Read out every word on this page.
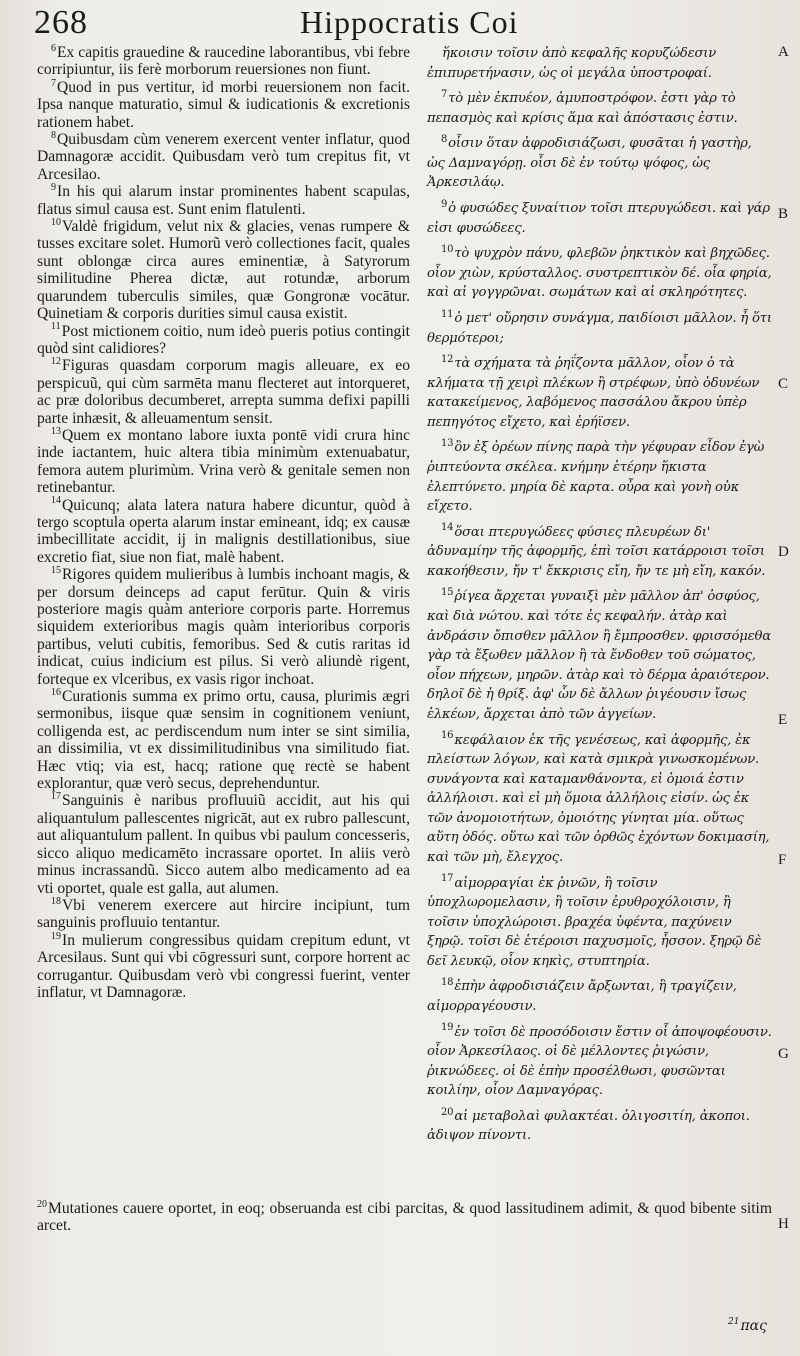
268	Hippocratis Coi

$^6$Ex capitis grauedine & raucedine laborantibus, vbi febre corripiuntur, iis ferè morborum reuersiones non fiunt.

$^7$Quod in pus vertitur, id morbi reuersionem non facit. Ipsa nanque maturatio, simul & iudicationis & excretionis rationem habet.

$^8$Quibusdam cùm venerem exercent venter inflatur, quod Damnagoræ accidit. Quibusdam verò tum crepitus fit, vt Arcesilao.

$^9$In his qui alarum instar prominentes habent scapulas, flatus simul causa est. Sunt enim flatulenti.

$^{10}$Valdè frigidum, velut nix & glacies, venas rumpere & tusses excitare solet. Humorũ verò collectiones facit, quales sunt oblongæ circa aures eminentiæ, à Satyrorum similitudine Pherea dictæ, aut rotundæ, arborum quarundem tuberculis similes, quæ Gongronæ vocātur. Quinetiam & corporis durities simul causa existit.

$^{11}$Post mictionem coitio, num ideò pueris potius contingit quòd sint calidiores?

$^{12}$Figuras quasdam corporum magis alleuare, ex eo perspicuũ, qui cùm sarmēta manu flecteret aut intorqueret, ac præ doloribus decumberet, arrepta summa defixi papilli parte inhæsit, & alleuamentum sensit.

$^{13}$Quem ex montano labore iuxta pontē vidi crura hinc inde iactantem, huic altera tibia minimùm extenuabatur, femora autem plurimùm. Vrina verò & genitale semen non retinebantur.

$^{14}$Quicunq; alata latera natura habere dicuntur, quòd à tergo scoptula operta alarum instar emineant, idq; ex causæ imbecillitate accidit, ij in malignis destillationibus, siue excretio fiat, siue non fiat, malè habent.

$^{15}$Rigores quidem mulieribus à lumbis inchoant magis, & per dorsum deinceps ad caput ferūtur. Quin & viris posteriore magis quàm anteriore corporis parte. Horremus siquidem exterioribus magis quàm interioribus corporis partibus, veluti cubitis, femoribus. Sed & cutis raritas id indicat, cuius indicium est pilus. Si verò aliundè rigent, forteque ex vlceribus, ex vasis rigor inchoat.

$^{16}$Curationis summa ex primo ortu, causa, plurimis ægri sermonibus, iisque quæ sensim in cognitionem veniunt, colligenda est, ac perdiscendum num inter se sint similia, an dissimilia, vt ex dissimilitudinibus vna similitudo fiat. Hæc vtiq; via est, hacq; ratione quę rectè se habent explorantur, quæ verò secus, deprehenduntur.

$^{17}$Sanguinis è naribus profluuiũ accidit, aut his qui aliquantulum pallescentes nigricāt, aut ex rubro pallescunt, aut aliquantulum pallent. In quibus vbi paulum concesseris, sicco aliquo medicamēto incrassare oportet. In aliis verò minus incrassandũ. Sicco autem albo medicamento ad ea vti oportet, quale est galla, aut alumen.

$^{18}$Vbi venerem exercere aut hircire incipiunt, tum sanguinis profluuio tentantur.

$^{19}$In mulierum congressibus quidam crepitum edunt, vt Arcesilaus. Sunt qui vbi cōgressuri sunt, corpore horrent ac corrugantur. Quibusdam verò vbi congressi fuerint, venter inflatur, vt Damnagoræ.

ἥκοισιν τοῖσιν ἀπὸ κεφαλῆς κορυζώδεσιν ἐπιπυρετήνασιν, ὡς οἱ μεγάλα ὑποστροφαί.

$^7$τὸ μὲν ἐκπυέον, ἀμυποστρόφον. ἐστι γὰρ τὸ πεπασμὸς καὶ κρίσις ἅμα καὶ ἀπόστασις ἐστιν.

$^8$οἷσιν ὅταν ἀφροδισιάζωσι, φυσᾶται ἡ γαστὴρ, ὡς Δαμναγόρῃ. οἷσι δὲ ἐν τούτῳ ψόφος, ὡς Ἀρκεσιλάῳ.

$^9$ὁ φυσώδες ξυναίτιον τοῖσι πτερυγώδεσι. καὶ γάρ εἰσι φυσώδεες.

$^{10}$τὸ ψυχρὸν πάνυ, φλεβῶν ῥηκτικὸν καὶ βηχῶδες. οἷον χιὼν, κρύσταλλος. συστρεπτικὸν δέ. οἷα φηρία, καὶ αἱ γογγρῶναι. σωμάτων καὶ αἱ σκληρότητες.

$^{11}$ὁ μετ' οὔρησιν συνάγμα, παιδίοισι μᾶλλον. ἦ ὅτι θερμότεροι;

$^{12}$τὰ σχήματα τὰ ῥηΐζοντα μᾶλλον, οἷον ὁ τὰ κλήματα τῇ χειρὶ πλέκων ἢ στρέφων, ὑπὸ ὀδυνέων κατακείμενος, λαβόμενος πασσάλου ἄκρου ὑπὲρ πεπηγότος εἴχετο, καὶ ἐρήϊσεν.

$^{13}$ὃν ἐξ ὀρέων πίνης παρὰ τὴν γέφυραν εἶδον ἐγὼ ῥιπτεύοντα σκέλεα. κνήμην ἑτέρην ἥκιστα ἐλεπτύνετο. μηρία δὲ καρτα. οὖρα καὶ γονὴ οὐκ εἴχετο.

$^{14}$ὅσαι πτερυγώδεες φύσιες πλευρέων δι' ἀδυναμίην τῆς ἀφορμῆς, ἐπὶ τοῖσι κατάρροισι τοῖσι κακοήθεσιν, ἤν τ' ἔκκρισις εἴη, ἤν τε μὴ εἴη, κακόν.

$^{15}$ῥίγεα ἄρχεται γυναιξὶ μὲν μᾶλλον ἀπ' ὀσφύος, καὶ διὰ νώτου. καὶ τότε ἐς κεφαλήν. ἀτὰρ καὶ ἀνδράσιν ὄπισθεν μᾶλλον ἢ ἔμπροσθεν. φρισσόμεθα γὰρ τὰ ἔξωθεν μᾶλλον ἢ τὰ ἔνδοθεν τοῦ σώματος, οἷον πήχεων, μηρῶν. ἀτὰρ καὶ τὸ δέρμα ἀραιότερον. δηλοῖ δὲ ἡ θρίξ. ἀφ' ὧν δὲ ἄλλων ῥιγέουσιν ἴσως ἑλκέων, ἄρχεται ἀπὸ τῶν ἀγγείων.

$^{16}$κεφάλαιον ἐκ τῆς γενέσεως, καὶ ἀφορμῆς, ἐκ πλείστων λόγων, καὶ κατὰ σμικρὰ γινωσκομένων. συνάγοντα καὶ καταμανθάνοντα, εἰ ὁμοιά ἐστιν ἀλλήλοισι. καὶ εἰ μὴ ὅμοια ἀλλήλοις εἰσίν. ὡς ἐκ τῶν ἀνομοιοτήτων, ὁμοιότης γίνηται μία. οὕτως αὕτη ὁδός. οὕτω καὶ τῶν ὀρθῶς ἐχόντων δοκιμασίη, καὶ τῶν μὴ, ἔλεγχος.

$^{17}$αἱμορραγίαι ἐκ ῥινῶν, ἢ τοῖσιν ὑποχλωρομελασιν, ἢ τοῖσιν ἐρυθροχόλοισιν, ἢ τοῖσιν ὑποχλώροισι. βραχέα ὑφέντα, παχύνειν ξηρῷ. τοῖσι δὲ ἑτέροισι παχυσμοῖς, ἧσσον. ξηρῷ δὲ δεῖ λευκῷ, οἷον κηκὶς, στυπτηρία.

$^{18}$ἐπὴν ἀφροδισιάζειν ἄρξωνται, ἢ τραγίζειν, αἱμορραγέουσιν.

$^{19}$ἐν τοῖσι δὲ προσόδοισιν ἔστιν οἷ ἀποψοφέουσιν. οἷον Ἀρκεσίλαος. οἱ δὲ μέλλοντες ῥιγώσιν, ῥικνώδεες. οἱ δὲ ἐπὴν προσέλθωσι, φυσῶνται κοιλίην, οἷον Δαμναγόρας.

$^{20}$αἱ μεταβολαὶ φυλακτέαι. ὀλιγοσιτίη, ἀκοποι. ἀδιψον πίνοντι.

$^{20}$Mutationes cauere oportet, in eoq; obseruanda est cibi parcitas, & quod lassitudinem adimit, & quod bibente sitim arcet.
A
B
C
D
E
F
G
H
$^{21}$πας
